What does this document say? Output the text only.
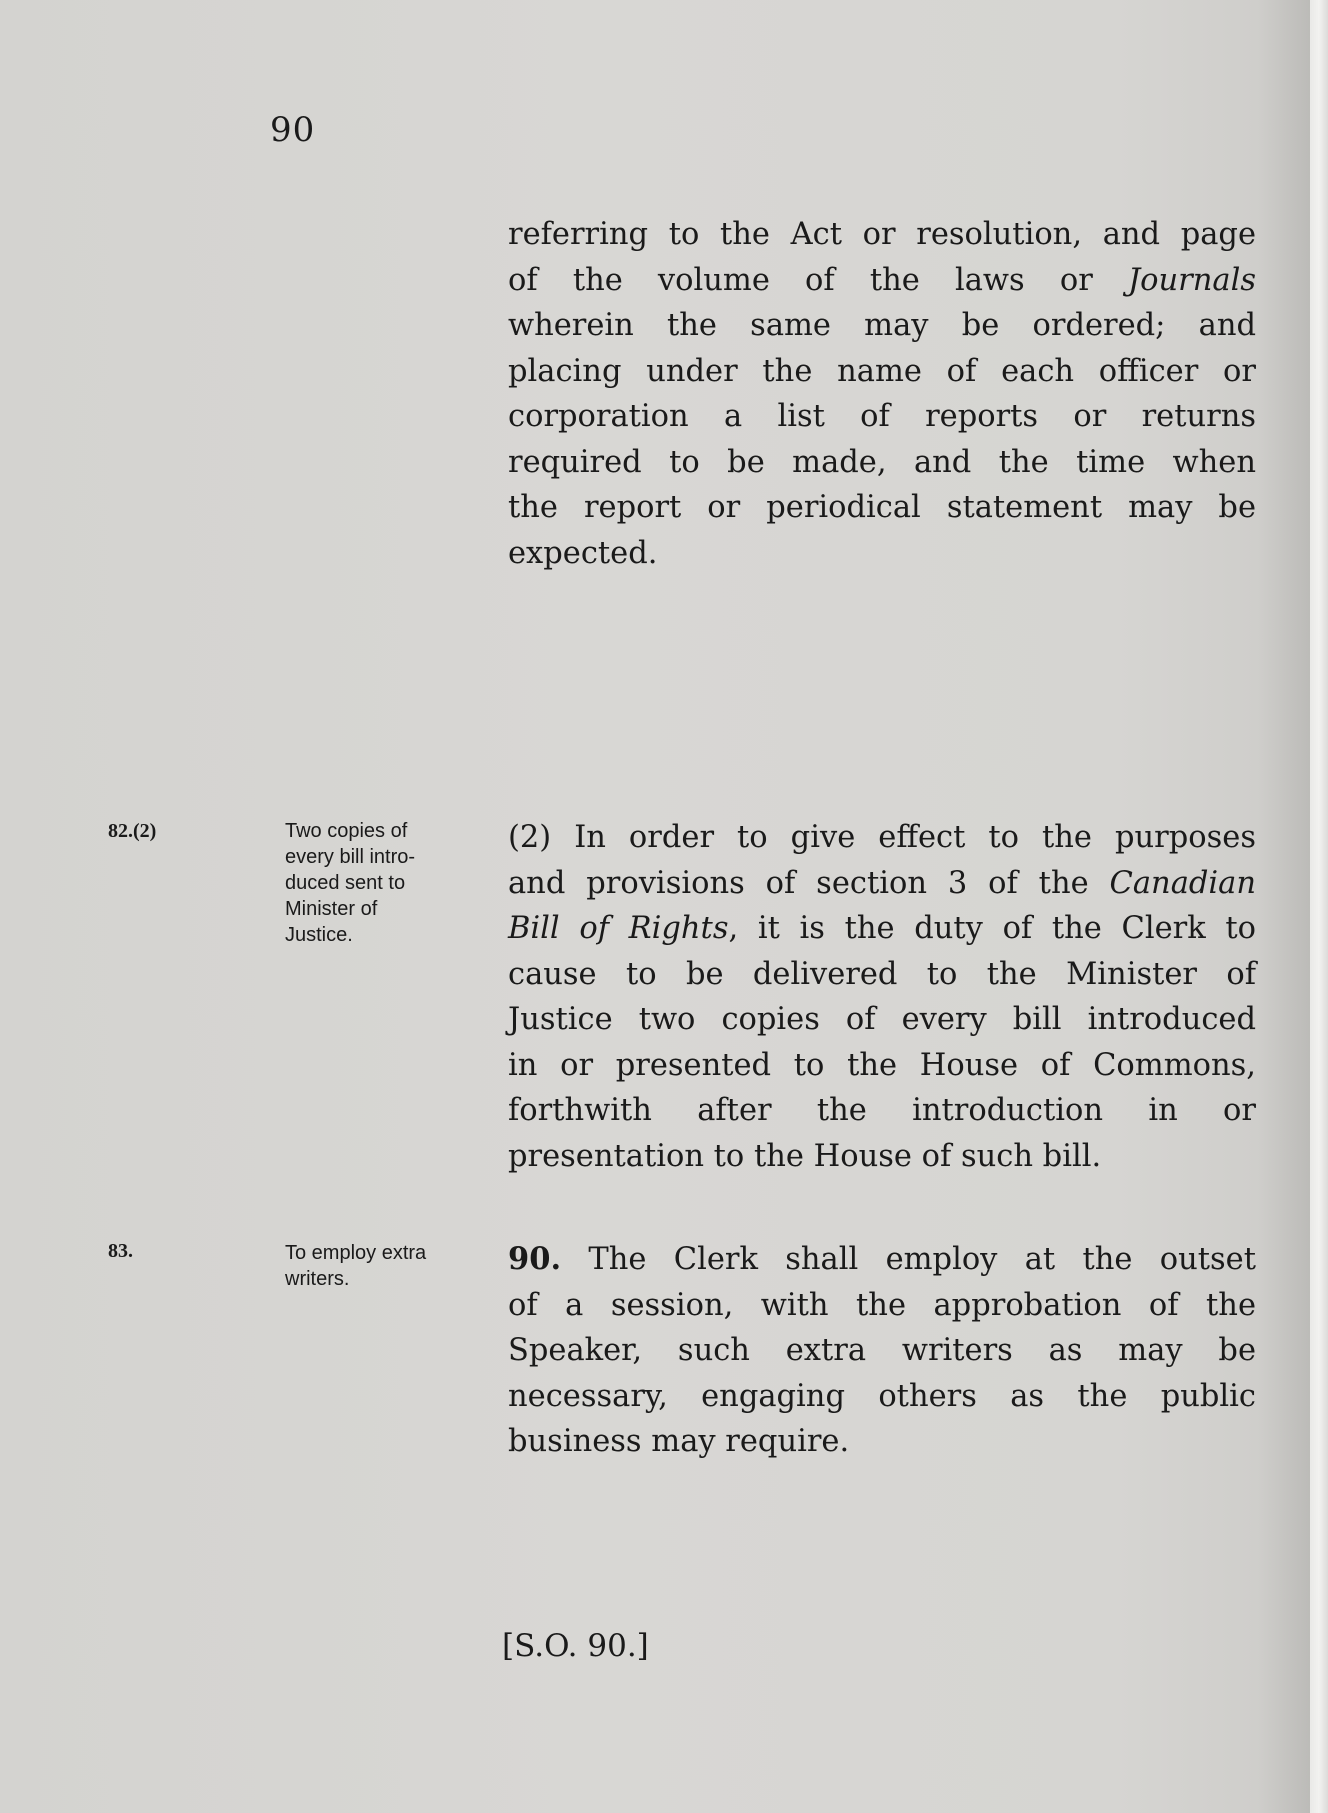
90
referring to the Act or resolution, and page
of the volume of the laws or Journals
wherein the same may be ordered; and
placing under the name of each officer or
corporation a list of reports or returns
required to be made, and the time when
the report or periodical statement may be
expected.
82.(2)	Two copies of
every bill intro-
duced sent to
Minister of
Justice.
(2) In order to give effect to the purposes
and provisions of section 3 of the Canadian
Bill of Rights, it is the duty of the Clerk to
cause to be delivered to the Minister of
Justice two copies of every bill introduced
in or presented to the House of Commons,
forthwith after the introduction in or
presentation to the House of such bill.
83.	To employ extra
writers.
90. The Clerk shall employ at the outset
of a session, with the approbation of the
Speaker, such extra writers as may be
necessary, engaging others as the public
business may require.
[S.O. 90.]
